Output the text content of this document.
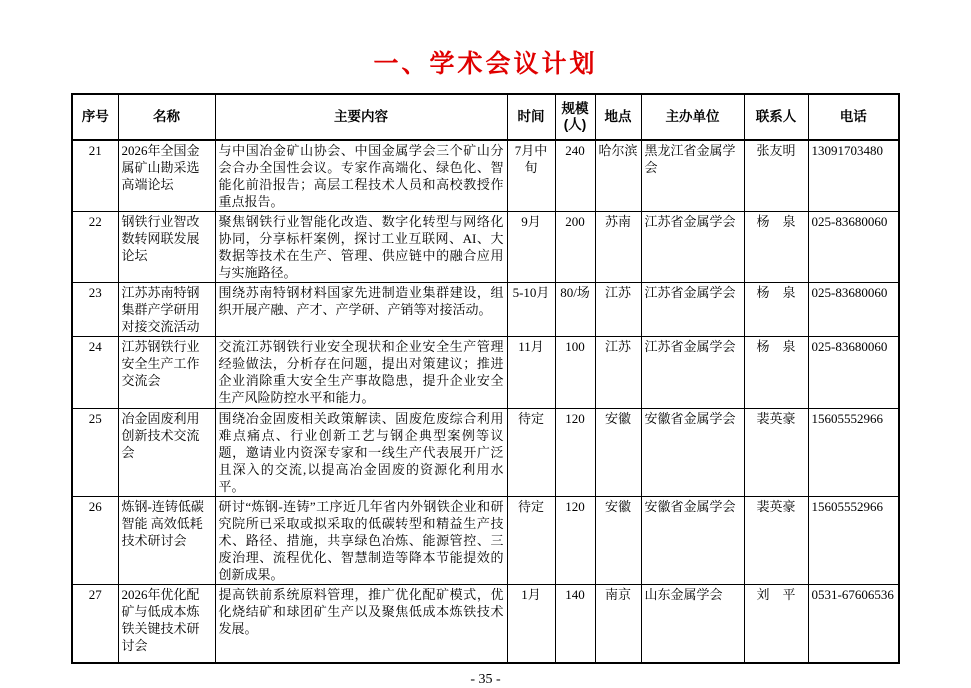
一、学术会议计划
序号	名称	主要内容	时间	规模(人)	地点	主办单位	联系人	电话
21	2026年全国金属矿山勘采选高端论坛	与中国冶金矿山协会、中国金属学会三个矿山分会合办全国性会议。专家作高端化、绿色化、智能化前沿报告；高层工程技术人员和高校教授作重点报告。	7月中旬	240	哈尔滨	黑龙江省金属学会	张友明	13091703480
22	钢铁行业智改数转网联发展论坛	聚焦钢铁行业智能化改造、数字化转型与网络化协同，分享标杆案例，探讨工业互联网、AI、大数据等技术在生产、管理、供应链中的融合应用与实施路径。	9月	200	苏南	江苏省金属学会	杨　泉	025-83680060
23	江苏苏南特钢集群产学研用对接交流活动	围绕苏南特钢材料国家先进制造业集群建设，组织开展产融、产才、产学研、产销等对接活动。	5-10月	80/场	江苏	江苏省金属学会	杨　泉	025-83680060
24	江苏钢铁行业安全生产工作交流会	交流江苏钢铁行业安全现状和企业安全生产管理经验做法，分析存在问题，提出对策建议；推进企业消除重大安全生产事故隐患，提升企业安全生产风险防控水平和能力。	11月	100	江苏	江苏省金属学会	杨　泉	025-83680060
25	冶金固废利用创新技术交流会	围绕冶金固废相关政策解读、固废危废综合利用难点痛点、行业创新工艺与钢企典型案例等议题，邀请业内资深专家和一线生产代表展开广泛且深入的交流,以提高冶金固废的资源化利用水平。	待定	120	安徽	安徽省金属学会	裴英豪	15605552966
26	炼钢-连铸低碳智能 高效低耗技术研讨会	研讨“炼钢-连铸”工序近几年省内外钢铁企业和研究院所已采取或拟采取的低碳转型和精益生产技术、路径、措施，共享绿色冶炼、能源管控、三废治理、流程优化、智慧制造等降本节能提效的创新成果。	待定	120	安徽	安徽省金属学会	裴英豪	15605552966
27	2026年优化配矿与低成本炼铁关键技术研讨会	提高铁前系统原料管理，推广优化配矿模式，优化烧结矿和球团矿生产以及聚焦低成本炼铁技术发展。	1月	140	南京	山东金属学会	刘　平	0531-67606536
- 35 -
